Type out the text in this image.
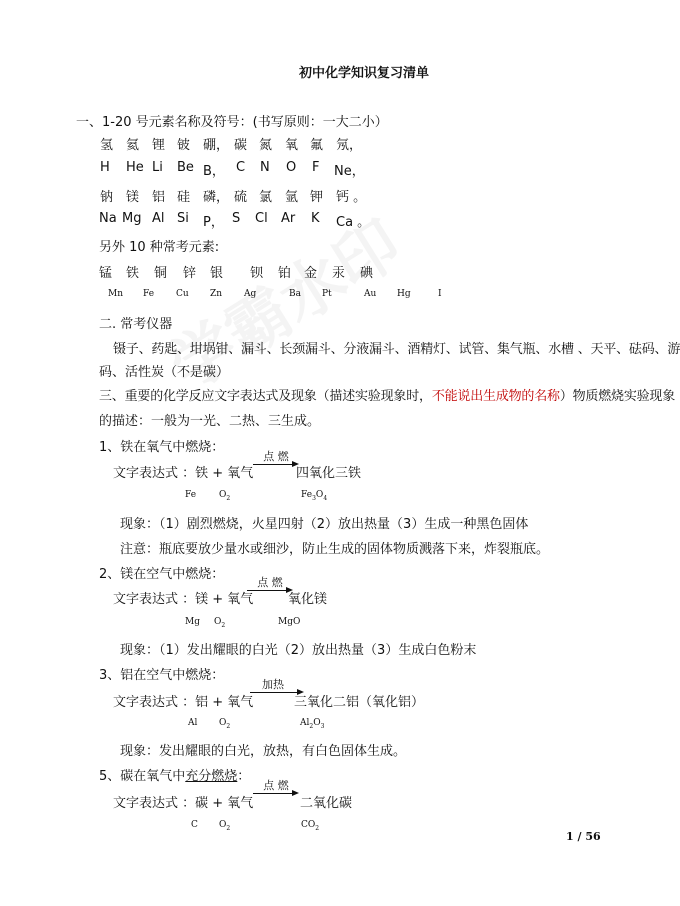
初中化学知识复习清单
一、1-20 号元素名称及符号：(书写原则：一大二小）
氢 氦 锂 铍 硼， 碳 氮 氧 氟 氖，
H He Li Be B， C N O F Ne，
钠 镁 铝 硅 磷， 硫 氯 氩 钾 钙 。
Na Mg Al Si P， S Cl Ar K Ca 。
另外 10 种常考元素:
锰 铁 铜 锌 银 钡 铂 金 汞 碘
Mn Fe Cu Zn Ag	Ba Pt	Au Hg	I
二. 常考仪器
镊子、药匙、坩埚钳、漏斗、长颈漏斗、分液漏斗、酒精灯、试管、集气瓶、水槽 、天平、砝码、游
码、活性炭（不是碳）
三、重要的化学反应文字表达式及现象（描述实验现象时，不能说出生成物的名称）物质燃烧实验现象
的描述：一般为一光、二热、三生成。
1、铁在氧气中燃烧：
文字表达式 ：铁 + 氧气
点 燃
四氧化三铁
Fe	$O_2$	$Fe_3O_4$
现象：（1）剧烈燃烧，火星四射（2）放出热量（3）生成一种黑色固体
注意：瓶底要放少量水或细沙，防止生成的固体物质溅落下来，炸裂瓶底。
2、镁在空气中燃烧：
文字表达式 ：镁 + 氧气
点 燃
氧化镁
Mg $O_2$	MgO
现象：（1）发出耀眼的白光（2）放出热量（3）生成白色粉末
3、铝在空气中燃烧：
文字表达式 ：铝 + 氧气
加热
三氧化二铝（氧化铝）
Al $O_2$	$Al_2O_3$
现象：发出耀眼的白光，放热，有白色固体生成。
5、碳在氧气中充分燃烧：
文字表达式 ：碳 + 氧气
点 燃
二氧化碳
C $O_2$	$CO_2$
1 / 56
